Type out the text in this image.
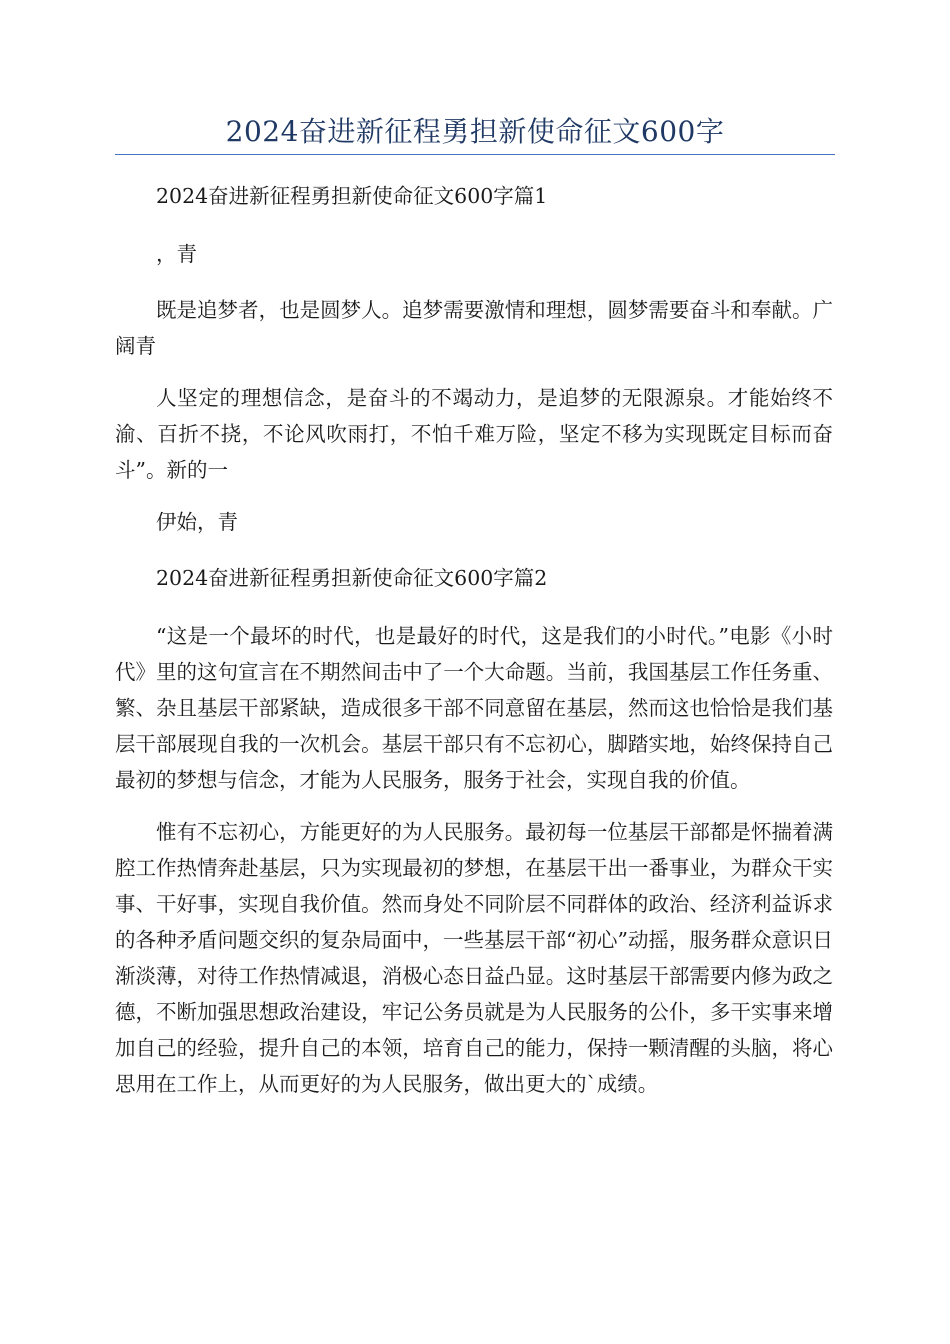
2024奋进新征程勇担新使命征文600字

2024奋进新征程勇担新使命征文600字篇1

，青

既是追梦者，也是圆梦人。追梦需要激情和理想，圆梦需要奋斗和奉献。广阔青

人坚定的理想信念，是奋斗的不竭动力，是追梦的无限源泉。才能始终不渝、百折不挠，不论风吹雨打，不怕千难万险，坚定不移为实现既定目标而奋斗”。新的一

伊始，青

2024奋进新征程勇担新使命征文600字篇2

“这是一个最坏的时代，也是最好的时代，这是我们的小时代。”电影《小时代》里的这句宣言在不期然间击中了一个大命题。当前，我国基层工作任务重、繁、杂且基层干部紧缺，造成很多干部不同意留在基层，然而这也恰恰是我们基层干部展现自我的一次机会。基层干部只有不忘初心，脚踏实地，始终保持自己最初的梦想与信念，才能为人民服务，服务于社会，实现自我的价值。

惟有不忘初心，方能更好的为人民服务。最初每一位基层干部都是怀揣着满腔工作热情奔赴基层，只为实现最初的梦想，在基层干出一番事业，为群众干实事、干好事，实现自我价值。然而身处不同阶层不同群体的政治、经济利益诉求的各种矛盾问题交织的复杂局面中，一些基层干部“初心”动摇，服务群众意识日渐淡薄，对待工作热情减退，消极心态日益凸显。这时基层干部需要内修为政之德，不断加强思想政治建设，牢记公务员就是为人民服务的公仆，多干实事来增加自己的经验，提升自己的本领，培育自己的能力，保持一颗清醒的头脑，将心思用在工作上，从而更好的为人民服务，做出更大的`成绩。
